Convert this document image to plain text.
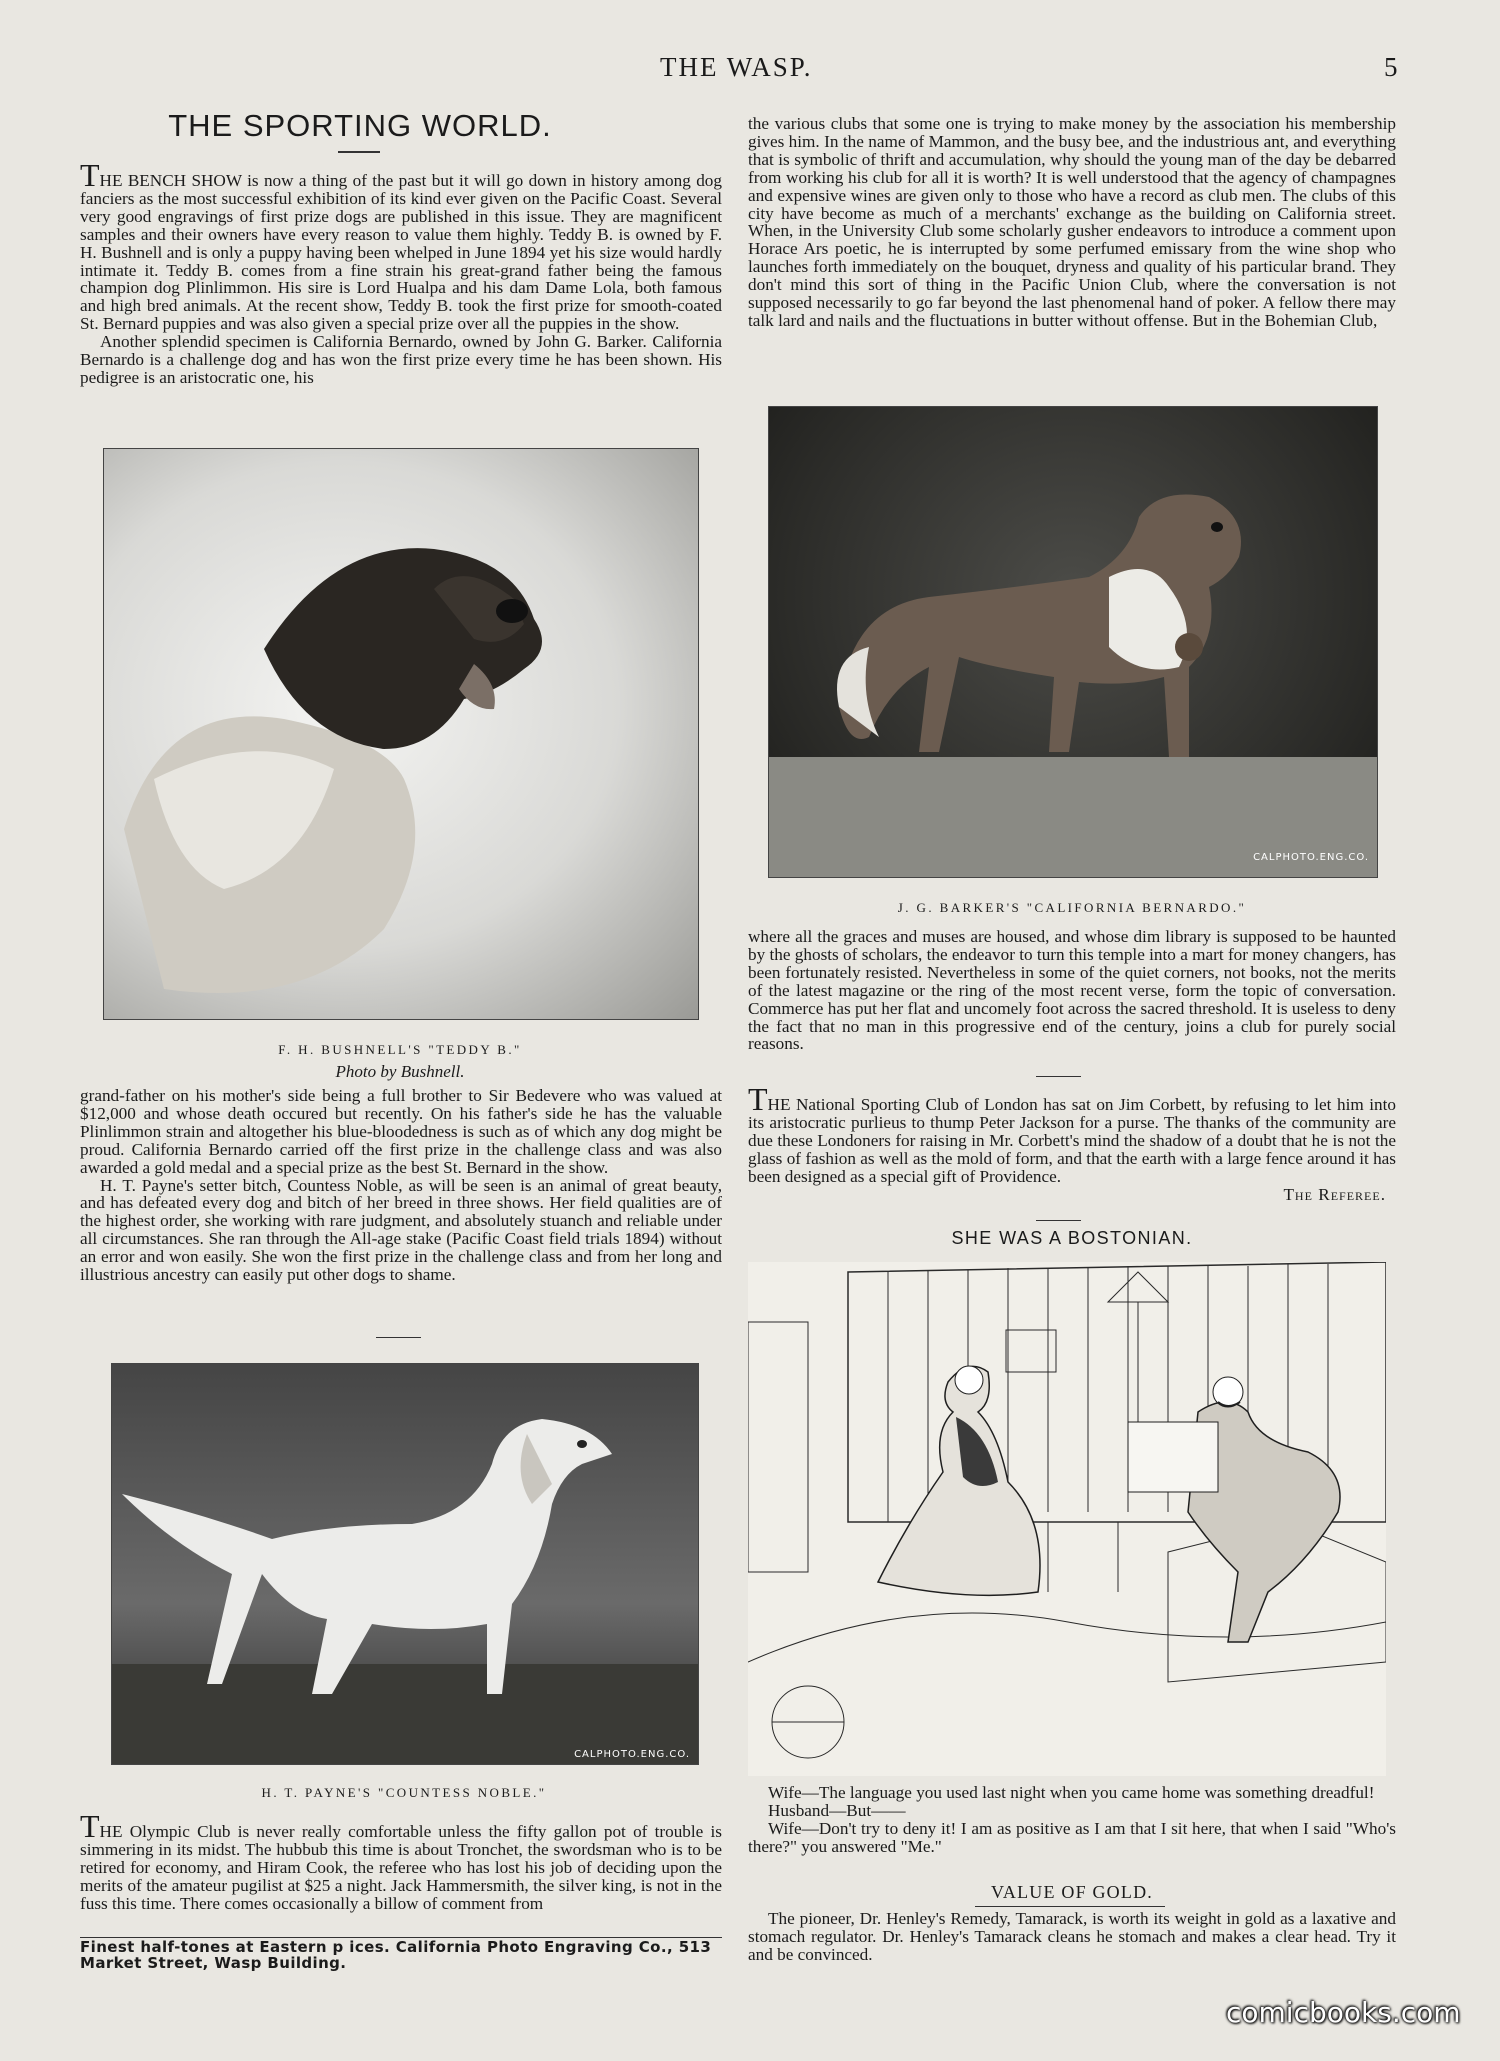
THE WASP.	5
THE SPORTING WORLD.

THE BENCH SHOW is now a thing of the past but it will go down in history among dog fanciers as the most successful exhibition of its kind ever given on the Pacific Coast. Several very good engravings of first prize dogs are published in this issue. They are magnificent samples and their owners have every reason to value them highly. Teddy B. is owned by F. H. Bushnell and is only a puppy having been whelped in June 1894 yet his size would hardly intimate it. Teddy B. comes from a fine strain his great-grand father being the famous champion dog Plinlimmon. His sire is Lord Hualpa and his dam Dame Lola, both famous and high bred animals. At the recent show, Teddy B. took the first prize for smooth-coated St. Bernard puppies and was also given a special prize over all the puppies in the show.

Another splendid specimen is California Bernardo, owned by John G. Barker. California Bernardo is a challenge dog and has won the first prize every time he has been shown. His pedigree is an aristocratic one, his

F. H. BUSHNELL'S "TEDDY B."
Photo by Bushnell.

grand-father on his mother's side being a full brother to Sir Bedevere who was valued at $12,000 and whose death occured but recently. On his father's side he has the valuable Plinlimmon strain and altogether his blue-bloodedness is such as of which any dog might be proud. California Bernardo carried off the first prize in the challenge class and was also awarded a gold medal and a special prize as the best St. Bernard in the show.

H. T. Payne's setter bitch, Countess Noble, as will be seen is an animal of great beauty, and has defeated every dog and bitch of her breed in three shows. Her field qualities are of the highest order, she working with rare judgment, and absolutely stuanch and reliable under all circumstances. She ran through the All-age stake (Pacific Coast field trials 1894) without an error and won easily. She won the first prize in the challenge class and from her long and illustrious ancestry can easily put other dogs to shame.

CALPHOTO.ENG.CO.
H. T. PAYNE'S "COUNTESS NOBLE."

THE Olympic Club is never really comfortable unless the fifty gallon pot of trouble is simmering in its midst. The hubbub this time is about Tronchet, the swordsman who is to be retired for economy, and Hiram Cook, the referee who has lost his job of deciding upon the merits of the amateur pugilist at $25 a night. Jack Hammersmith, the silver king, is not in the fuss this time. There comes occasionally a billow of comment from

Finest half-tones at Eastern p ices. California Photo Engraving Co., 513 Market Street, Wasp Building.

the various clubs that some one is trying to make money by the association his membership gives him. In the name of Mammon, and the busy bee, and the industrious ant, and everything that is symbolic of thrift and accumulation, why should the young man of the day be debarred from working his club for all it is worth? It is well understood that the agency of champagnes and expensive wines are given only to those who have a record as club men. The clubs of this city have become as much of a merchants' exchange as the building on California street. When, in the University Club some scholarly gusher endeavors to introduce a comment upon Horace Ars poetic, he is interrupted by some perfumed emissary from the wine shop who launches forth immediately on the bouquet, dryness and quality of his particular brand. They don't mind this sort of thing in the Pacific Union Club, where the conversation is not supposed necessarily to go far beyond the last phenomenal hand of poker. A fellow there may talk lard and nails and the fluctuations in butter without offense. But in the Bohemian Club,

CALPHOTO.ENG.CO.
J. G. BARKER'S "CALIFORNIA BERNARDO."

where all the graces and muses are housed, and whose dim library is supposed to be haunted by the ghosts of scholars, the endeavor to turn this temple into a mart for money changers, has been fortunately resisted. Nevertheless in some of the quiet corners, not books, not the merits of the latest magazine or the ring of the most recent verse, form the topic of conversation. Commerce has put her flat and uncomely foot across the sacred threshold. It is useless to deny the fact that no man in this progressive end of the century, joins a club for purely social reasons.

THE National Sporting Club of London has sat on Jim Corbett, by refusing to let him into its aristocratic purlieus to thump Peter Jackson for a purse. The thanks of the community are due these Londoners for raising in Mr. Corbett's mind the shadow of a doubt that he is not the glass of fashion as well as the mold of form, and that the earth with a large fence around it has been designed as a special gift of Providence.

The Referee.

SHE WAS A BOSTONIAN.

Wife—The language you used last night when you came home was something dreadful!

Husband—But——

Wife—Don't try to deny it! I am as positive as I am that I sit here, that when I said "Who's there?" you answered "Me."

VALUE OF GOLD.

The pioneer, Dr. Henley's Remedy, Tamarack, is worth its weight in gold as a laxative and stomach regulator. Dr. Henley's Tamarack cleans he stomach and makes a clear head. Try it and be convinced.

comicbooks.com
